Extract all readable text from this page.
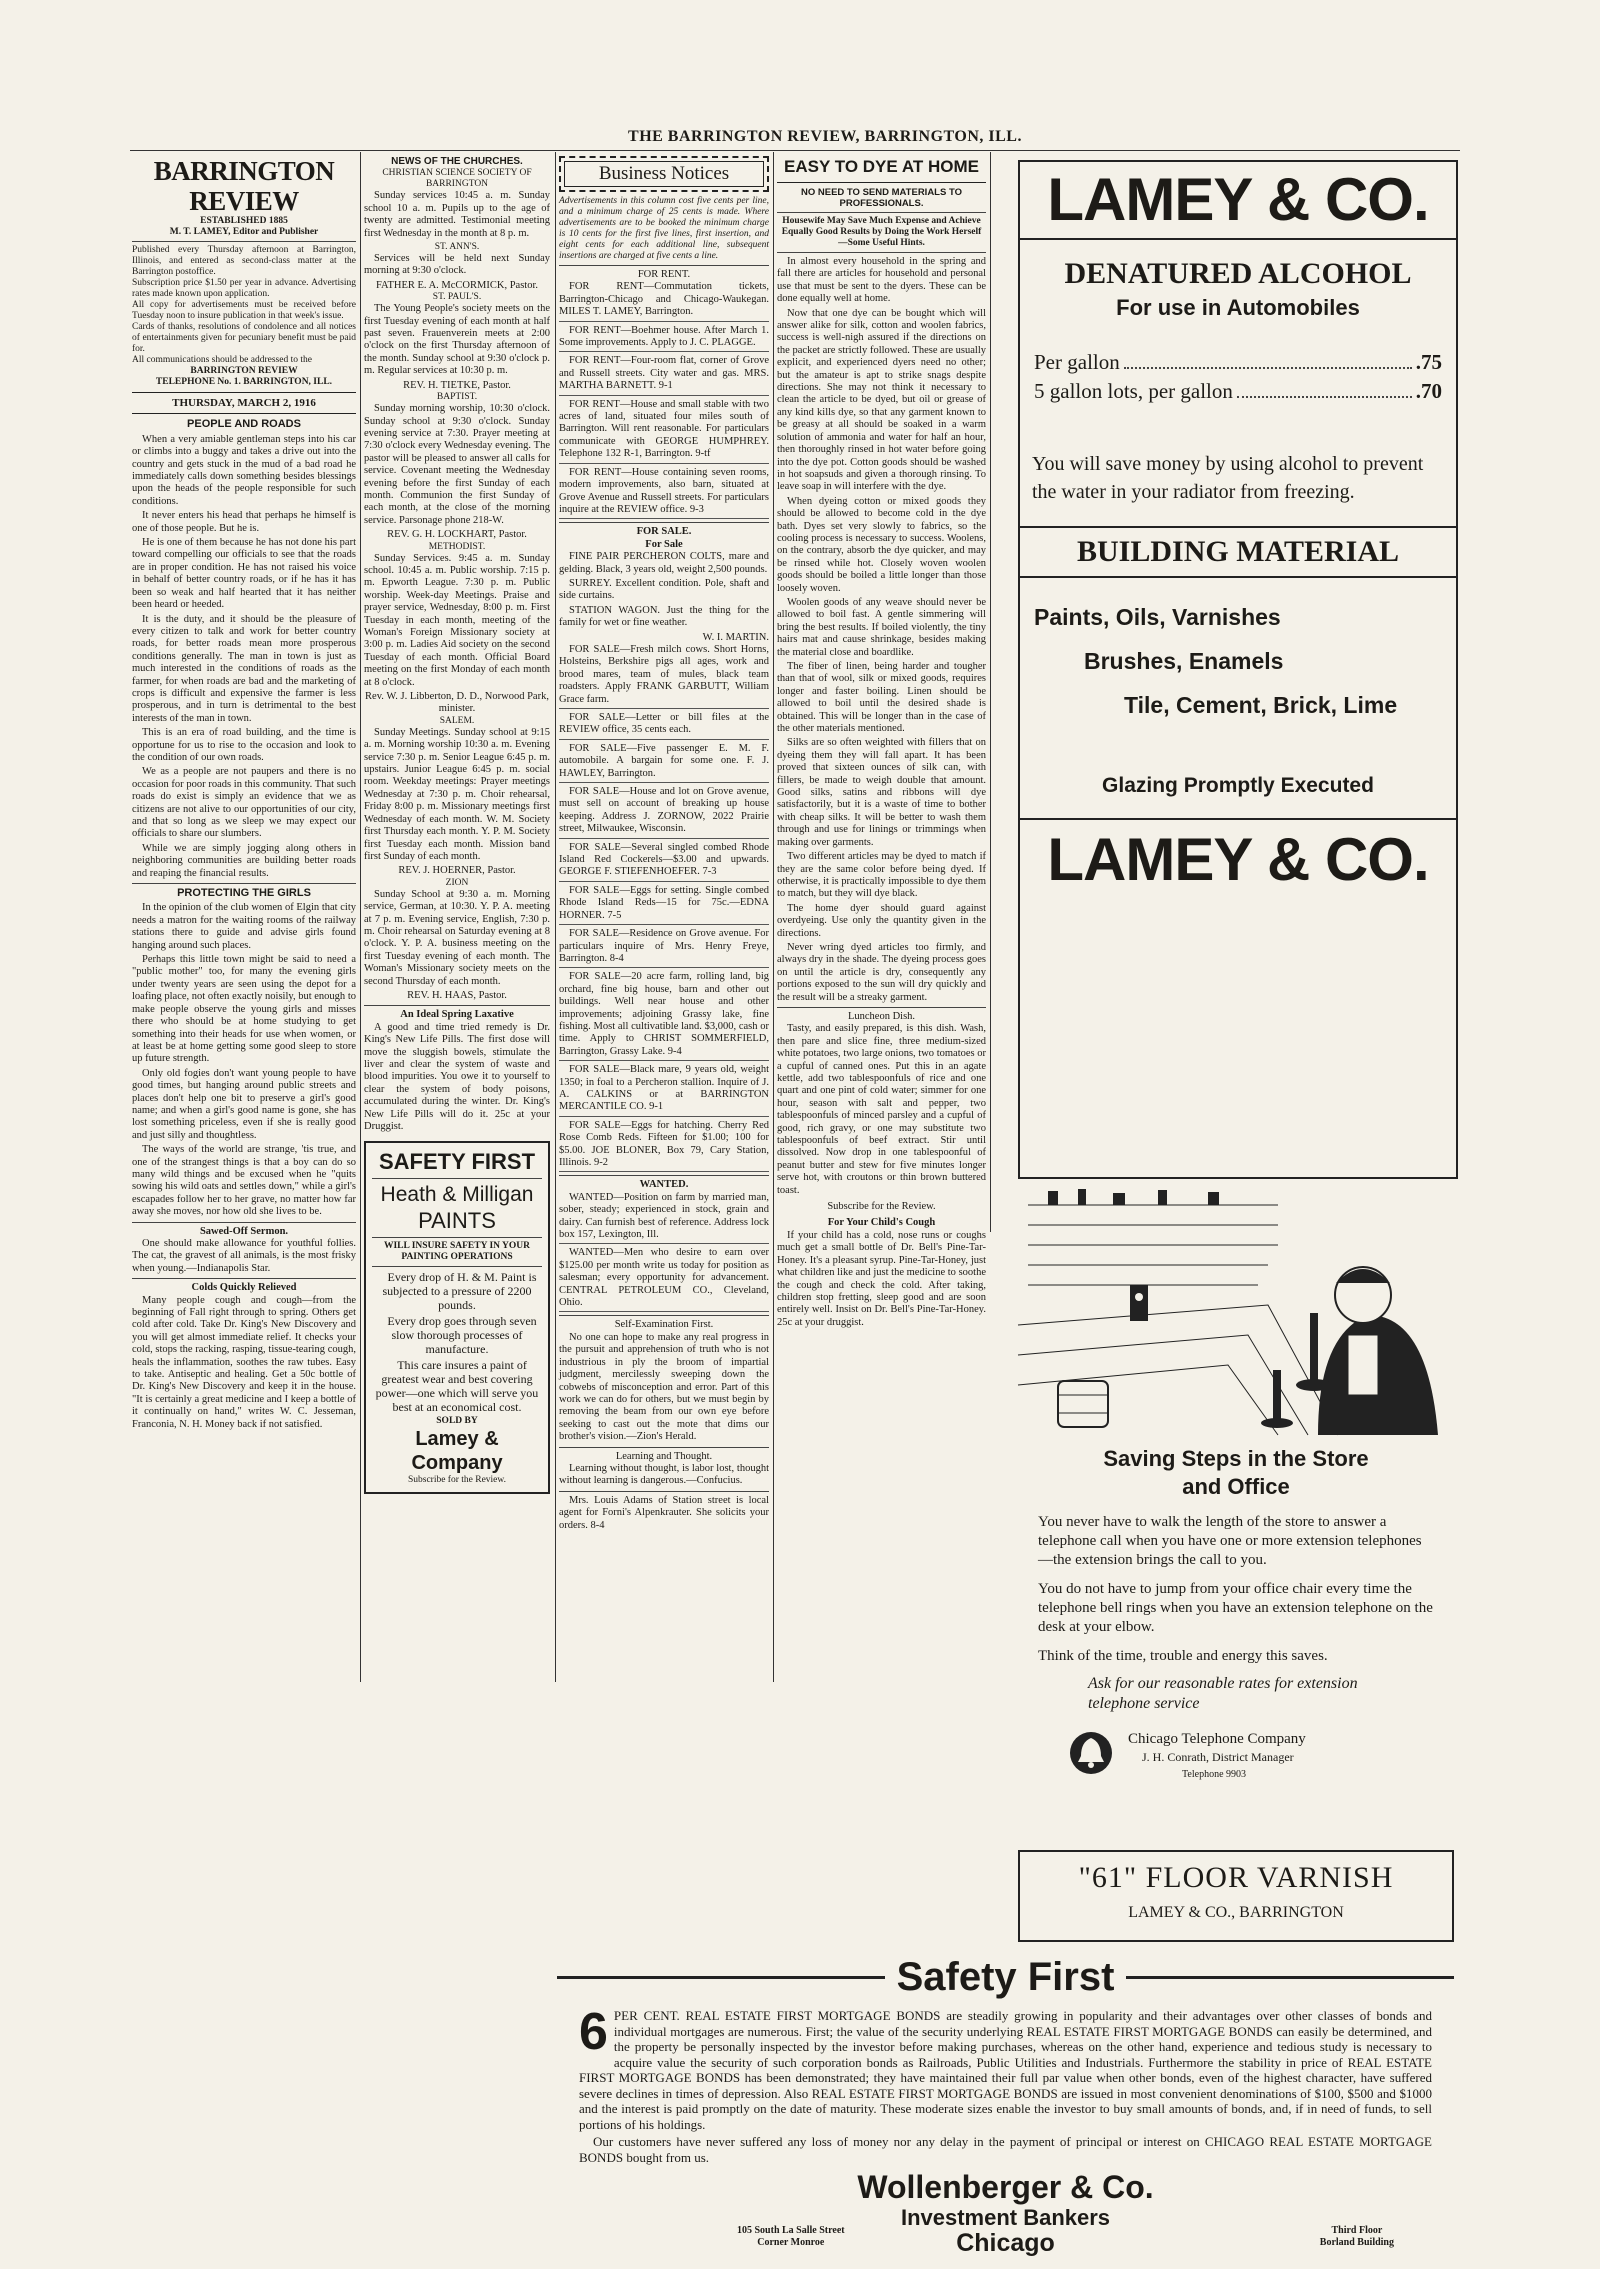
THE BARRINGTON REVIEW, BARRINGTON, ILL.
BARRINGTON REVIEW
ESTABLISHED 1885
M. T. LAMEY, Editor and Publisher
Published every Thursday afternoon at Barrington, Illinois, and entered as second-class matter at the Barrington postoffice.
Subscription price $1.50 per year in advance. Advertising rates made known upon application.
All copy for advertisements must be received before Tuesday noon to insure publication in that week's issue.
Cards of thanks, resolutions of condolence and all notices of entertainments given for pecuniary benefit must be paid for.
All communications should be addressed to the
BARRINGTON REVIEW
TELEPHONE No. 1. BARRINGTON, ILL.
THURSDAY, MARCH 2, 1916
PEOPLE AND ROADS

When a very amiable gentleman steps into his car or climbs into a buggy and takes a drive out into the country and gets stuck in the mud of a bad road he immediately calls down something besides blessings upon the heads of the people responsible for such conditions.

It never enters his head that perhaps he himself is one of those people. But he is.

He is one of them because he has not done his part toward compelling our officials to see that the roads are in proper condition. He has not raised his voice in behalf of better country roads, or if he has it has been so weak and half hearted that it has neither been heard or heeded.

It is the duty, and it should be the pleasure of every citizen to talk and work for better country roads, for better roads mean more prosperous conditions generally. The man in town is just as much interested in the conditions of roads as the farmer, for when roads are bad and the marketing of crops is difficult and expensive the farmer is less prosperous, and in turn is detrimental to the best interests of the man in town.

This is an era of road building, and the time is opportune for us to rise to the occasion and look to the condition of our own roads.

We as a people are not paupers and there is no occasion for poor roads in this community. That such roads do exist is simply an evidence that we as citizens are not alive to our opportunities of our city, and that so long as we sleep we may expect our officials to share our slumbers.

While we are simply jogging along others in neighboring communities are building better roads and reaping the financial results.

PROTECTING THE GIRLS

In the opinion of the club women of Elgin that city needs a matron for the waiting rooms of the railway stations there to guide and advise girls found hanging around such places.

Perhaps this little town might be said to need a "public mother" too, for many the evening girls under twenty years are seen using the depot for a loafing place, not often exactly noisily, but enough to make people observe the young girls and misses there who should be at home studying to get something into their heads for use when women, or at least be at home getting some good sleep to store up future strength.

Only old fogies don't want young people to have good times, but hanging around public streets and places don't help one bit to preserve a girl's good name; and when a girl's good name is gone, she has lost something priceless, even if she is really good and just silly and thoughtless.

The ways of the world are strange, 'tis true, and one of the strangest things is that a boy can do so many wild things and be excused when he "quits sowing his wild oats and settles down," while a girl's escapades follow her to her grave, no matter how far away she moves, nor how old she lives to be.

Sawed-Off Sermon.

One should make allowance for youthful follies. The cat, the gravest of all animals, is the most frisky when young.—Indianapolis Star.

Colds Quickly Relieved

Many people cough and cough—from the beginning of Fall right through to spring. Others get cold after cold. Take Dr. King's New Discovery and you will get almost immediate relief. It checks your cold, stops the racking, rasping, tissue-tearing cough, heals the inflammation, soothes the raw tubes. Easy to take. Antiseptic and healing. Get a 50c bottle of Dr. King's New Discovery and keep it in the house. "It is certainly a great medicine and I keep a bottle of it continually on hand," writes W. C. Jesseman, Franconia, N. H. Money back if not satisfied.

NEWS OF THE CHURCHES.
CHRISTIAN SCIENCE SOCIETY OF BARRINGTON

Sunday services 10:45 a. m. Sunday school 10 a. m. Pupils up to the age of twenty are admitted. Testimonial meeting first Wednesday in the month at 8 p. m.

ST. ANN'S.

Services will be held next Sunday morning at 9:30 o'clock.

FATHER E. A. McCORMICK, Pastor.
ST. PAUL'S.

The Young People's society meets on the first Tuesday evening of each month at half past seven. Frauenverein meets at 2:00 o'clock on the first Thursday afternoon of the month. Sunday school at 9:30 o'clock p. m. Regular services at 10:30 p. m.

REV. H. TIETKE, Pastor.
BAPTIST.

Sunday morning worship, 10:30 o'clock. Sunday school at 9:30 o'clock. Sunday evening service at 7:30. Prayer meeting at 7:30 o'clock every Wednesday evening. The pastor will be pleased to answer all calls for service. Covenant meeting the Wednesday evening before the first Sunday of each month. Communion the first Sunday of each month, at the close of the morning service. Parsonage phone 218-W.

REV. G. H. LOCKHART, Pastor.
METHODIST.

Sunday Services. 9:45 a. m. Sunday school. 10:45 a. m. Public worship. 7:15 p. m. Epworth League. 7:30 p. m. Public worship. Week-day Meetings. Praise and prayer service, Wednesday, 8:00 p. m. First Tuesday in each month, meeting of the Woman's Foreign Missionary society at 3:00 p. m. Ladies Aid society on the second Tuesday of each month. Official Board meeting on the first Monday of each month at 8 o'clock.

Rev. W. J. Libberton, D. D., Norwood Park, minister.
SALEM.

Sunday Meetings. Sunday school at 9:15 a. m. Morning worship 10:30 a. m. Evening service 7:30 p. m. Senior League 6:45 p. m. upstairs. Junior League 6:45 p. m. social room. Weekday meetings: Prayer meetings Wednesday at 7:30 p. m. Choir rehearsal, Friday 8:00 p. m. Missionary meetings first Wednesday of each month. W. M. Society first Thursday each month. Y. P. M. Society first Tuesday each month. Mission band first Sunday of each month.

REV. J. HOERNER, Pastor.
ZION

Sunday School at 9:30 a. m. Morning service, German, at 10:30. Y. P. A. meeting at 7 p. m. Evening service, English, 7:30 p. m. Choir rehearsal on Saturday evening at 8 o'clock. Y. P. A. business meeting on the first Tuesday evening of each month. The Woman's Missionary society meets on the second Thursday of each month.

REV. H. HAAS, Pastor.
An Ideal Spring Laxative

A good and time tried remedy is Dr. King's New Life Pills. The first dose will move the sluggish bowels, stimulate the liver and clear the system of waste and blood impurities. You owe it to yourself to clear the system of body poisons, accumulated during the winter. Dr. King's New Life Pills will do it. 25c at your Druggist.

SAFETY FIRST
Heath & Milligan
PAINTS
WILL INSURE SAFETY IN YOUR PAINTING OPERATIONS

Every drop of H. & M. Paint is subjected to a pressure of 2200 pounds.

Every drop goes through seven slow thorough processes of manufacture.

This care insures a paint of greatest wear and best covering power—one which will serve you best at an economical cost.

SOLD BY
Lamey & Company
Subscribe for the Review.
Business Notices
Advertisements in this column cost five cents per line, and a minimum charge of 25 cents is made. Where advertisements are to be booked the minimum charge is 10 cents for the first five lines, first insertion, and eight cents for each additional line, subsequent insertions are charged at five cents a line.
FOR RENT.

FOR RENT—Commutation tickets, Barrington-Chicago and Chicago-Waukegan. MILES T. LAMEY, Barrington.

FOR RENT—Boehmer house. After March 1. Some improvements. Apply to J. C. PLAGGE.

FOR RENT—Four-room flat, corner of Grove and Russell streets. City water and gas. MRS. MARTHA BARNETT. 9-1

FOR RENT—House and small stable with two acres of land, situated four miles south of Barrington. Will rent reasonable. For particulars communicate with GEORGE HUMPHREY. Telephone 132 R-1, Barrington. 9-tf

FOR RENT—House containing seven rooms, modern improvements, also barn, situated at Grove Avenue and Russell streets. For particulars inquire at the REVIEW office. 9-3

FOR SALE.
For Sale

FINE PAIR PERCHERON COLTS, mare and gelding. Black, 3 years old, weight 2,500 pounds.

SURREY. Excellent condition. Pole, shaft and side curtains.

STATION WAGON. Just the thing for the family for wet or fine weather.

W. I. MARTIN.

FOR SALE—Fresh milch cows. Short Horns, Holsteins, Berkshire pigs all ages, work and brood mares, team of mules, black team roadsters. Apply FRANK GARBUTT, William Grace farm.

FOR SALE—Letter or bill files at the REVIEW office, 35 cents each.

FOR SALE—Five passenger E. M. F. automobile. A bargain for some one. F. J. HAWLEY, Barrington.

FOR SALE—House and lot on Grove avenue, must sell on account of breaking up house keeping. Address J. ZORNOW, 2022 Prairie street, Milwaukee, Wisconsin.

FOR SALE—Several singled combed Rhode Island Red Cockerels—$3.00 and upwards. GEORGE F. STIEFENHOEFER. 7-3

FOR SALE—Eggs for setting. Single combed Rhode Island Reds—15 for 75c.—EDNA HORNER. 7-5

FOR SALE—Residence on Grove avenue. For particulars inquire of Mrs. Henry Freye, Barrington. 8-4

FOR SALE—20 acre farm, rolling land, big orchard, fine big house, barn and other out buildings. Well near house and other improvements; adjoining Grassy lake, fine fishing. Most all cultivatible land. $3,000, cash or time. Apply to CHRIST SOMMERFIELD, Barrington, Grassy Lake. 9-4

FOR SALE—Black mare, 9 years old, weight 1350; in foal to a Percheron stallion. Inquire of J. A. CALKINS or at BARRINGTON MERCANTILE CO. 9-1

FOR SALE—Eggs for hatching. Cherry Red Rose Comb Reds. Fifteen for $1.00; 100 for $5.00. JOE BLONER, Box 79, Cary Station, Illinois. 9-2

WANTED.

WANTED—Position on farm by married man, sober, steady; experienced in stock, grain and dairy. Can furnish best of reference. Address lock box 157, Lexington, Ill.

WANTED—Men who desire to earn over $125.00 per month write us today for position as salesman; every opportunity for advancement. CENTRAL PETROLEUM CO., Cleveland, Ohio.

Self-Examination First.

No one can hope to make any real progress in the pursuit and apprehension of truth who is not industrious in ply the broom of impartial judgment, mercilessly sweeping down the cobwebs of misconception and error. Part of this work we can do for others, but we must begin by removing the beam from our own eye before seeking to cast out the mote that dims our brother's vision.—Zion's Herald.

Learning and Thought.

Learning without thought, is labor lost, thought without learning is dangerous.—Confucius.

Mrs. Louis Adams of Station street is local agent for Forni's Alpenkrauter. She solicits your orders. 8-4

EASY TO DYE AT HOME
NO NEED TO SEND MATERIALS TO PROFESSIONALS.
Housewife May Save Much Expense and Achieve Equally Good Results by Doing the Work Herself—Some Useful Hints.

In almost every household in the spring and fall there are articles for household and personal use that must be sent to the dyers. These can be done equally well at home.

Now that one dye can be bought which will answer alike for silk, cotton and woolen fabrics, success is well-nigh assured if the directions on the packet are strictly followed. These are usually explicit, and experienced dyers need no other; but the amateur is apt to strike snags despite directions. She may not think it necessary to clean the article to be dyed, but oil or grease of any kind kills dye, so that any garment known to be greasy at all should be soaked in a warm solution of ammonia and water for half an hour, then thoroughly rinsed in hot water before going into the dye pot. Cotton goods should be washed in hot soapsuds and given a thorough rinsing. To leave soap in will interfere with the dye.

When dyeing cotton or mixed goods they should be allowed to become cold in the dye bath. Dyes set very slowly to fabrics, so the cooling process is necessary to success. Woolens, on the contrary, absorb the dye quicker, and may be rinsed while hot. Closely woven woolen goods should be boiled a little longer than those loosely woven.

Woolen goods of any weave should never be allowed to boil fast. A gentle simmering will bring the best results. If boiled violently, the tiny hairs mat and cause shrinkage, besides making the material close and boardlike.

The fiber of linen, being harder and tougher than that of wool, silk or mixed goods, requires longer and faster boiling. Linen should be allowed to boil until the desired shade is obtained. This will be longer than in the case of the other materials mentioned.

Silks are so often weighted with fillers that on dyeing them they will fall apart. It has been proved that sixteen ounces of silk can, with fillers, be made to weigh double that amount. Good silks, satins and ribbons will dye satisfactorily, but it is a waste of time to bother with cheap silks. It will be better to wash them through and use for linings or trimmings when making over garments.

Two different articles may be dyed to match if they are the same color before being dyed. If otherwise, it is practically impossible to dye them to match, but they will dye black.

The home dyer should guard against overdyeing. Use only the quantity given in the directions.

Never wring dyed articles too firmly, and always dry in the shade. The dyeing process goes on until the article is dry, consequently any portions exposed to the sun will dry quickly and the result will be a streaky garment.

Luncheon Dish.

Tasty, and easily prepared, is this dish. Wash, then pare and slice fine, three medium-sized white potatoes, two large onions, two tomatoes or a cupful of canned ones. Put this in an agate kettle, add two tablespoonfuls of rice and one quart and one pint of cold water; simmer for one hour, season with salt and pepper, two tablespoonfuls of minced parsley and a cupful of good, rich gravy, or one may substitute two tablespoonfuls of beef extract. Stir until dissolved. Now drop in one tablespoonful of peanut butter and stew for five minutes longer serve hot, with croutons or thin brown buttered toast.

Subscribe for the Review.
For Your Child's Cough

If your child has a cold, nose runs or coughs much get a small bottle of Dr. Bell's Pine-Tar-Honey. It's a pleasant syrup. Pine-Tar-Honey, just what children like and just the medicine to soothe the cough and check the cold. After taking, children stop fretting, sleep good and are soon entirely well. Insist on Dr. Bell's Pine-Tar-Honey. 25c at your druggist.

LAMEY & CO.
DENATURED ALCOHOL
For use in Automobiles
Per gallon	.75
5 gallon lots, per gallon	.70
You will save money by using alcohol to prevent the water in your radiator from freezing.
BUILDING MATERIAL
Paints, Oils, Varnishes
Brushes, Enamels
Tile, Cement, Brick, Lime
Glazing Promptly Executed
LAMEY & CO.
Saving Steps in the Store
and Office

You never have to walk the length of the store to answer a telephone call when you have one or more extension telephones—the extension brings the call to you.

You do not have to jump from your office chair every time the telephone bell rings when you have an extension telephone on the desk at your elbow.

Think of the time, trouble and energy this saves.

Ask for our reasonable rates for extension telephone service
Chicago Telephone Company
J. H. Conrath, District Manager
Telephone 9903
"61" FLOOR VARNISH
LAMEY & CO., BARRINGTON
Safety First
6 PER CENT. REAL ESTATE FIRST MORTGAGE BONDS are steadily growing in popularity and their advantages over other classes of bonds and individual mortgages are numerous. First; the value of the security underlying REAL ESTATE FIRST MORTGAGE BONDS can easily be determined, and the property be personally inspected by the investor before making purchases, whereas on the other hand, experience and tedious study is necessary to acquire value the security of such corporation bonds as Railroads, Public Utilities and Industrials. Furthermore the stability in price of REAL ESTATE FIRST MORTGAGE BONDS has been demonstrated; they have maintained their full par value when other bonds, even of the highest character, have suffered severe declines in times of depression. Also REAL ESTATE FIRST MORTGAGE BONDS are issued in most convenient denominations of $100, $500 and $1000 and the interest is paid promptly on the date of maturity. These moderate sizes enable the investor to buy small amounts of bonds, and, if in need of funds, to sell portions of his holdings.
Our customers have never suffered any loss of money nor any delay in the payment of principal or interest on CHICAGO REAL ESTATE MORTGAGE BONDS bought from us.
Wollenberger & Co.
Investment Bankers
Chicago
105 South La Salle Street
Corner Monroe
Third Floor
Borland Building
